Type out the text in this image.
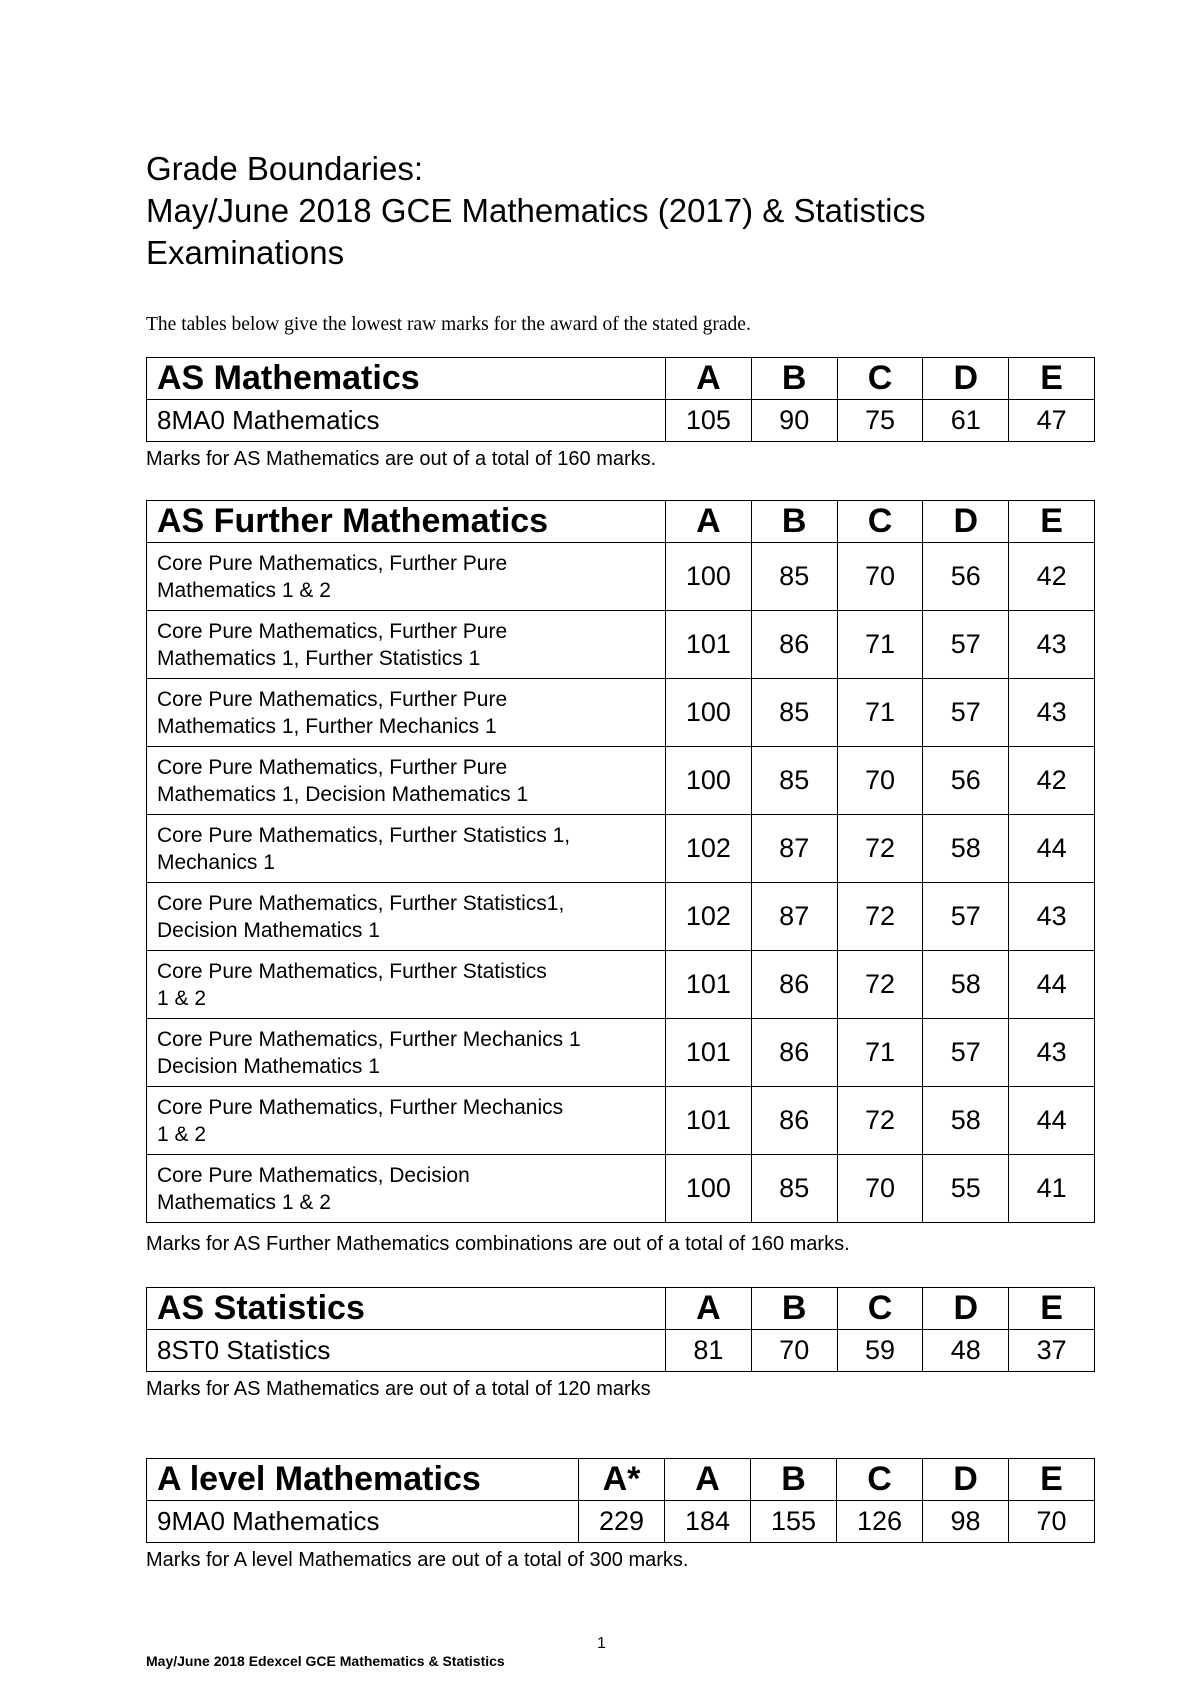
Grade Boundaries:
May/June 2018 GCE Mathematics (2017) & Statistics
Examinations
The tables below give the lowest raw marks for the award of the stated grade.
AS Mathematics	A	B	C	D	E
8MA0 Mathematics	105	90	75	61	47
Marks for AS Mathematics are out of a total of 160 marks.
AS Further Mathematics	A	B	C	D	E

Core Pure Mathematics, Further Pure
Mathematics 1 & 2	100	85	70	56	42

Core Pure Mathematics, Further Pure
Mathematics 1, Further Statistics 1	101	86	71	57	43

Core Pure Mathematics, Further Pure
Mathematics 1, Further Mechanics 1	100	85	71	57	43

Core Pure Mathematics, Further Pure
Mathematics 1, Decision Mathematics 1	100	85	70	56	42

Core Pure Mathematics, Further Statistics 1,
Mechanics 1	102	87	72	58	44

Core Pure Mathematics, Further Statistics1,
Decision Mathematics 1	102	87	72	57	43

Core Pure Mathematics, Further Statistics
1 & 2	101	86	72	58	44

Core Pure Mathematics, Further Mechanics 1
Decision Mathematics 1	101	86	71	57	43

Core Pure Mathematics, Further Mechanics
1 & 2	101	86	72	58	44

Core Pure Mathematics, Decision
Mathematics 1 & 2	100	85	70	55	41
Marks for AS Further Mathematics combinations are out of a total of 160 marks.
AS Statistics	A	B	C	D	E
8ST0 Statistics	81	70	59	48	37
Marks for AS Mathematics are out of a total of 120 marks
A level Mathematics	A*	A	B	C	D	E
9MA0 Mathematics	229	184	155	126	98	70
Marks for A level Mathematics are out of a total of 300 marks.
1
May/June 2018 Edexcel GCE Mathematics & Statistics
